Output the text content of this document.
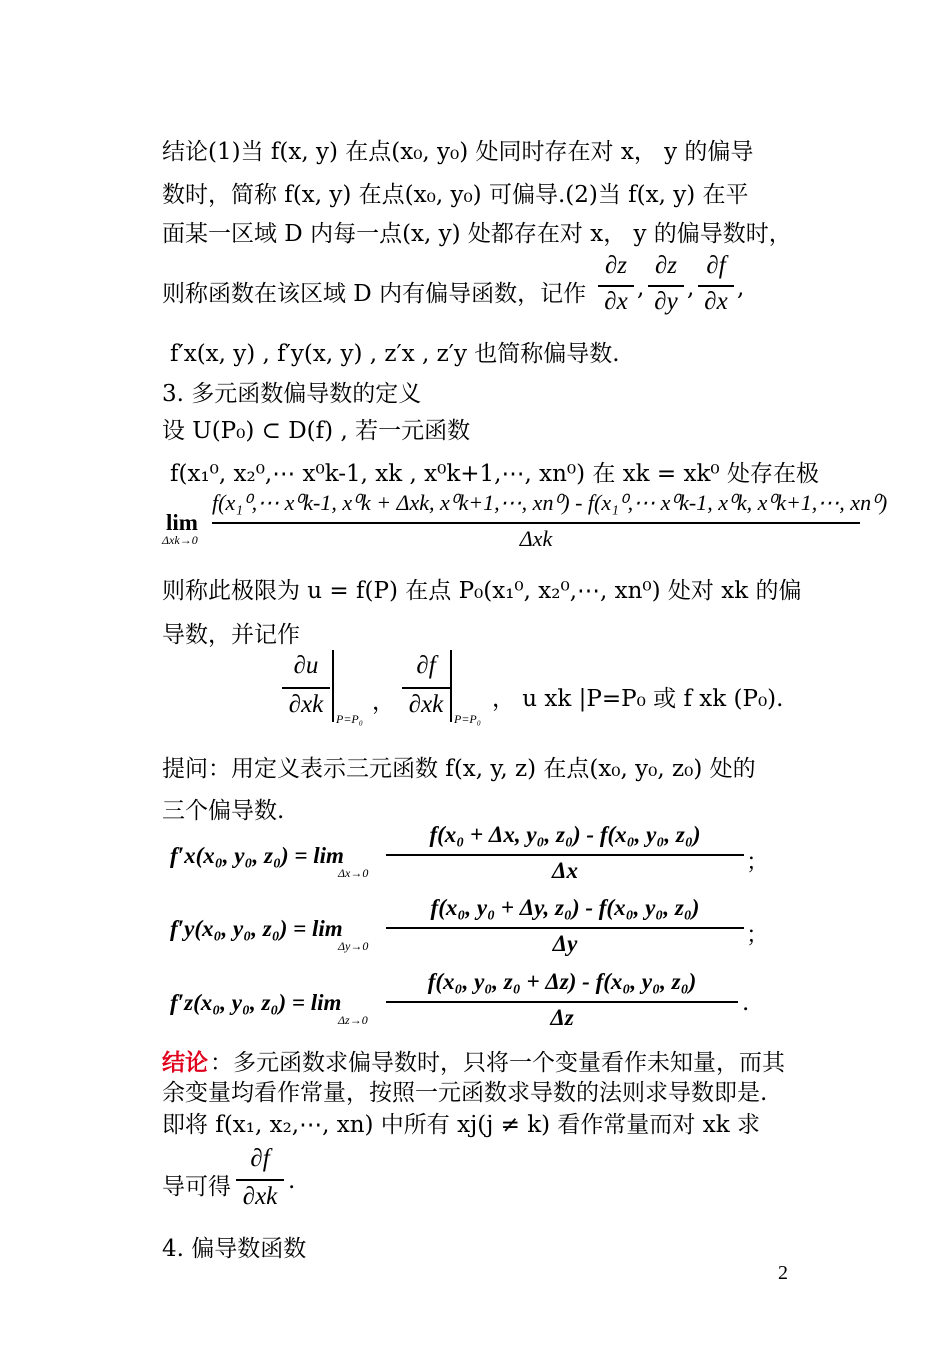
结论(1)当 f(x, y) 在点(x₀, y₀) 处同时存在对 x， y 的偏导
数时，简称 f(x, y) 在点(x₀, y₀) 可偏导.(2)当 f(x, y) 在平
面某一区域 D 内每一点(x, y) 处都存在对 x， y 的偏导数时，
则称函数在该区域 D 内有偏导函数，记作
∂z
∂x ,
∂z
∂y ,
∂f
∂x ,
f′x(x, y) , f′y(x, y) , z′x , z′y 也简称偏导数.
3. 多元函数偏导数的定义
设 U(P₀) ⊂ D(f) , 若一元函数
f(x₁⁰, x₂⁰,⋯ x⁰k-1, xk , x⁰k+1,⋯, xn⁰) 在 xk = xk⁰ 处存在极
lim
Δxk→0
f(x₁⁰,⋯ x⁰k-1, x⁰k + Δxk, x⁰k+1,⋯, xn⁰) - f(x₁⁰,⋯ x⁰k-1, x⁰k, x⁰k+1,⋯, xn⁰)
Δxk
则称此极限为 u = f(P) 在点 P₀(x₁⁰, x₂⁰,⋯, xn⁰) 处对 xk 的偏
导数，并记作
∂u
∂xk
P=P₀
，
∂f
∂xk
P=P₀
， u xk |P=P₀ 或 f xk (P₀).
提问：用定义表示三元函数 f(x, y, z) 在点(x₀, y₀, z₀) 处的
三个偏导数.
f′x(x₀, y₀, z₀) = lim
Δx→0
f(x₀ + Δx, y₀, z₀) - f(x₀, y₀, z₀)
Δx	；
f′y(x₀, y₀, z₀) = lim
Δy→0
f(x₀, y₀ + Δy, z₀) - f(x₀, y₀, z₀)
Δy	；
f′z(x₀, y₀, z₀) = lim
Δz→0
f(x₀, y₀, z₀ + Δz) - f(x₀, y₀, z₀)
Δz
.
结论 ：多元函数求偏导数时，只将一个变量看作未知量，而其
余变量均看作常量，按照一元函数求导数的法则求导数即是.
即将 f(x₁, x₂,⋯, xn) 中所有 xj(j ≠ k) 看作常量而对 xk 求
导可得
∂f
∂xk
.
4. 偏导数函数
2
